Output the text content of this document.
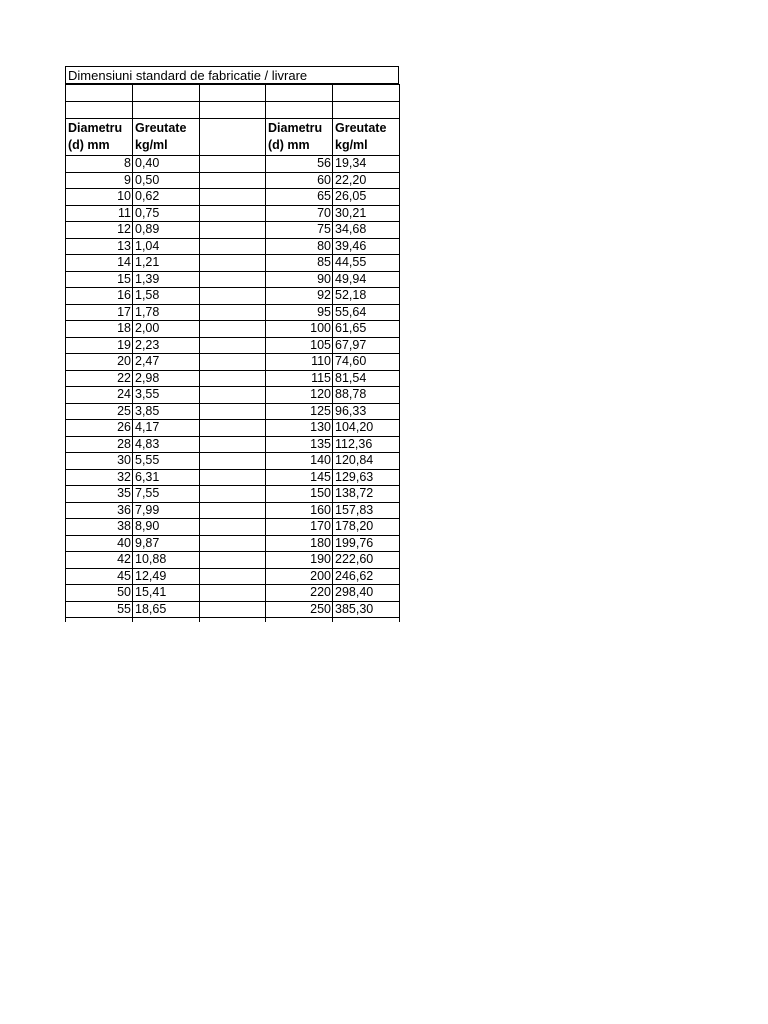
Dimensiuni standard de fabricatie / livrare

Diametru (d) mm	Greutate kg/ml		Diametru (d) mm	Greutate kg/ml
8	0,40		56	19,34
9	0,50		60	22,20
10	0,62		65	26,05
11	0,75		70	30,21
12	0,89		75	34,68
13	1,04		80	39,46
14	1,21		85	44,55
15	1,39		90	49,94
16	1,58		92	52,18
17	1,78		95	55,64
18	2,00		100	61,65
19	2,23		105	67,97
20	2,47		110	74,60
22	2,98		115	81,54
24	3,55		120	88,78
25	3,85		125	96,33
26	4,17		130	104,20
28	4,83		135	112,36
30	5,55		140	120,84
32	6,31		145	129,63
35	7,55		150	138,72
36	7,99		160	157,83
38	8,90		170	178,20
40	9,87		180	199,76
42	10,88		190	222,60
45	12,49		200	246,62
50	15,41		220	298,40
55	18,65		250	385,30
